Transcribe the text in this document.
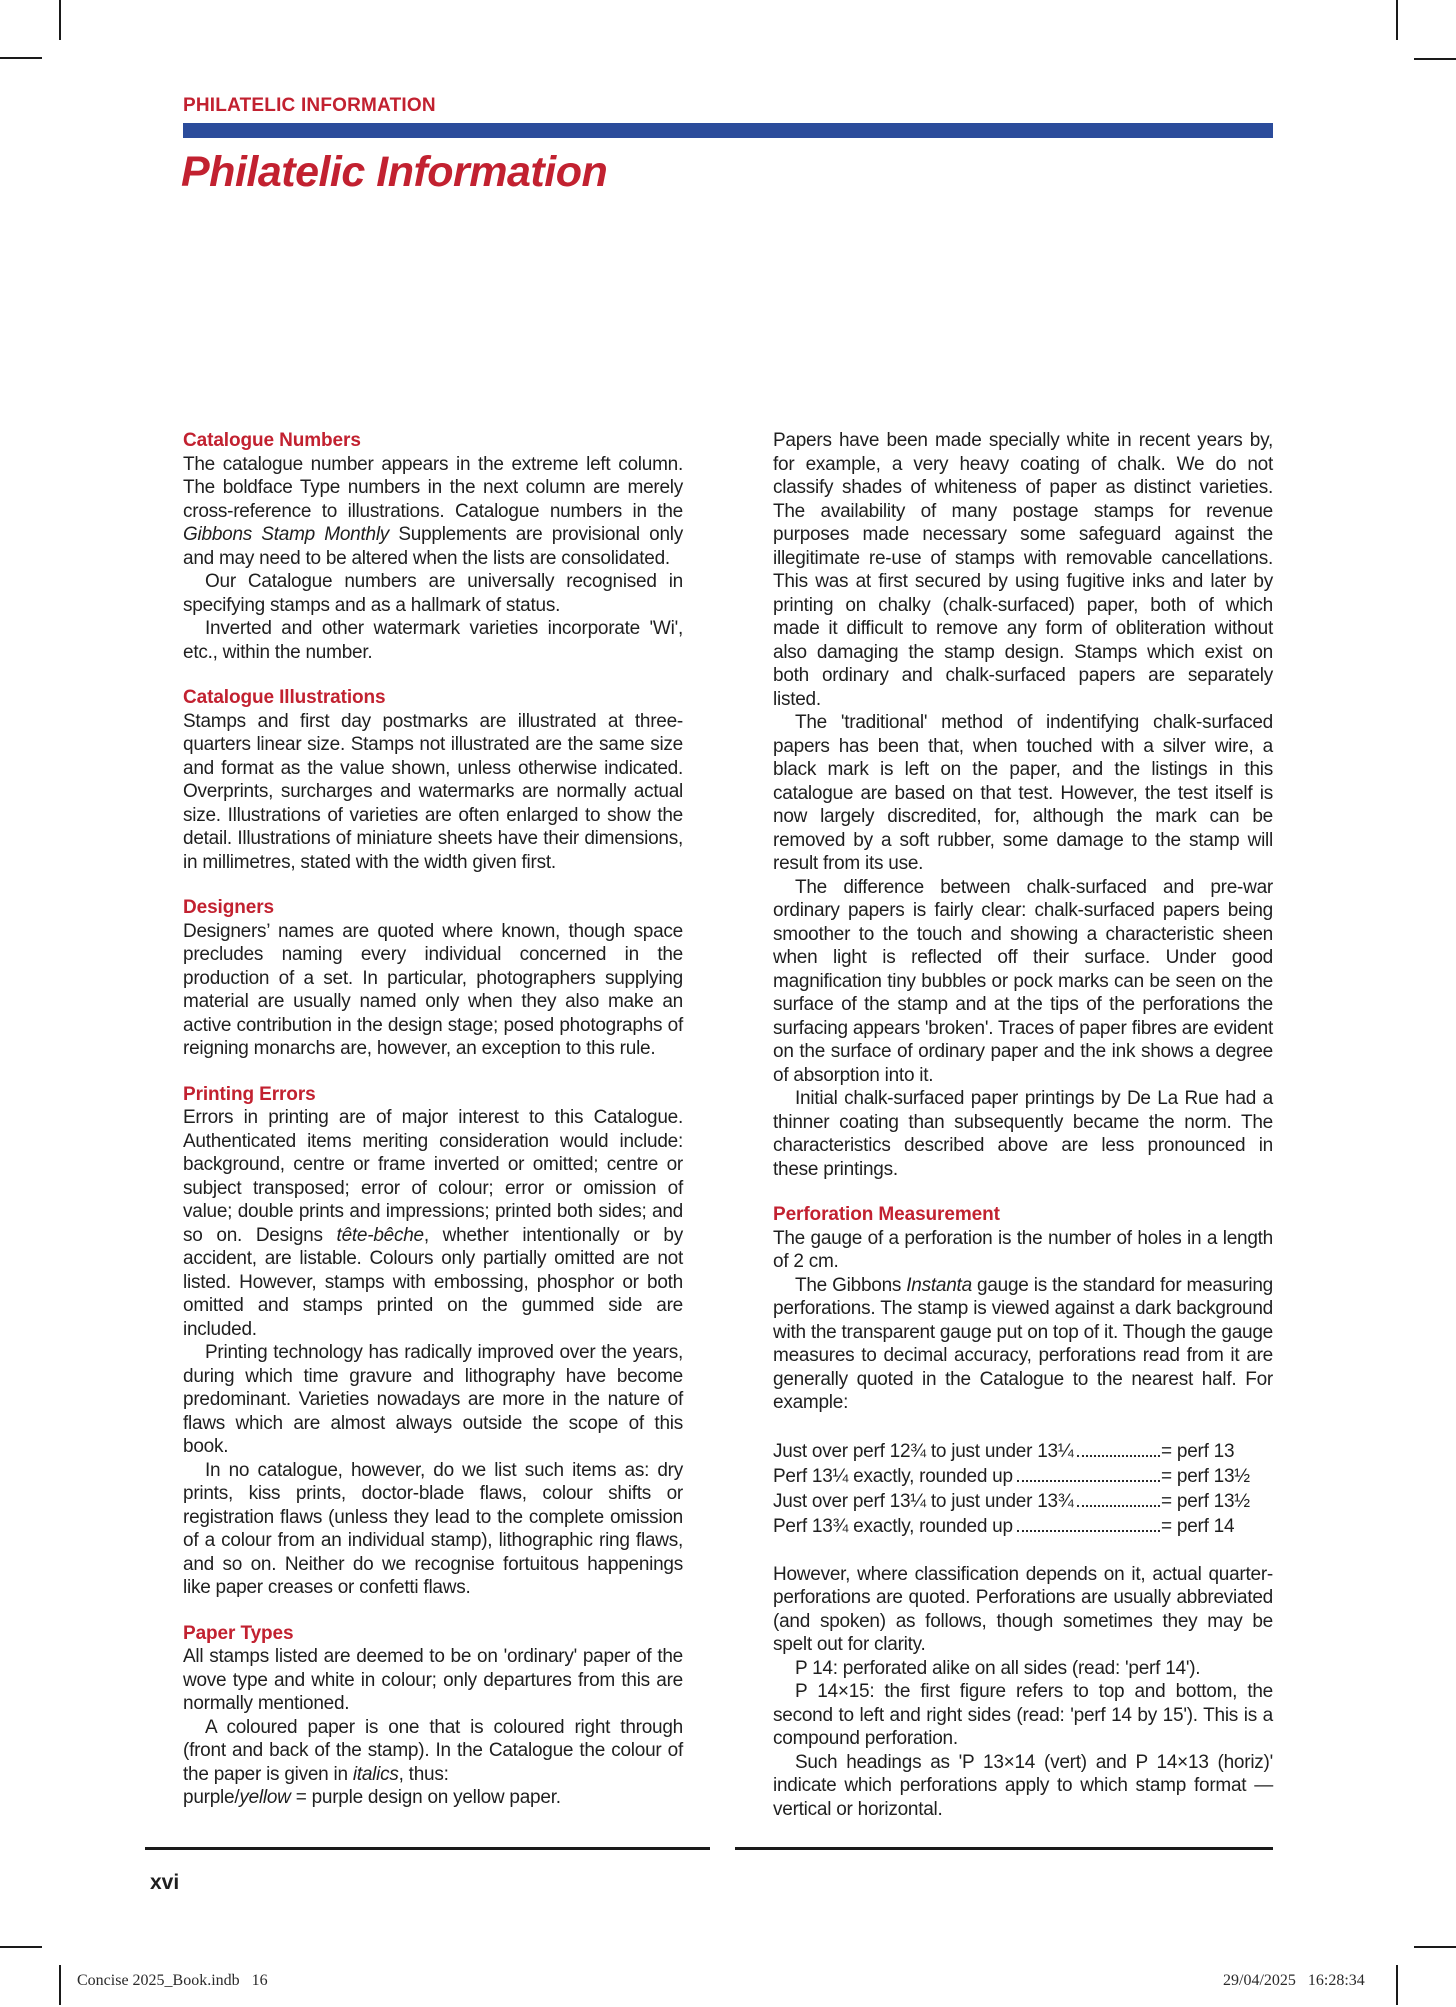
PHILATELIC INFORMATION
Philatelic Information
Catalogue Numbers

The catalogue number appears in the extreme left column. The boldface Type numbers in the next column are merely cross-reference to illustrations. Catalogue numbers in the Gibbons Stamp Monthly Supplements are provisional only and may need to be altered when the lists are consolidated.

Our Catalogue numbers are universally recognised in specifying stamps and as a hallmark of status.

Inverted and other watermark varieties incorporate 'Wi', etc., within the number.

Catalogue Illustrations

Stamps and first day postmarks are illustrated at three-quarters linear size. Stamps not illustrated are the same size and format as the value shown, unless otherwise indicated. Overprints, surcharges and watermarks are normally actual size. Illustrations of varieties are often enlarged to show the detail. Illustrations of miniature sheets have their dimensions, in millimetres, stated with the width given first.

Designers

Designers’ names are quoted where known, though space precludes naming every individual concerned in the production of a set. In particular, photographers supplying material are usually named only when they also make an active contribution in the design stage; posed photographs of reigning monarchs are, however, an exception to this rule.

Printing Errors

Errors in printing are of major interest to this Catalogue. Authenticated items meriting consideration would include: background, centre or frame inverted or omitted; centre or subject transposed; error of colour; error or omission of value; double prints and impressions; printed both sides; and so on. Designs tête-bêche, whether intentionally or by accident, are listable. Colours only partially omitted are not listed. However, stamps with embossing, phosphor or both omitted and stamps printed on the gummed side are included.

Printing technology has radically improved over the years, during which time gravure and lithography have become predominant. Varieties nowadays are more in the nature of flaws which are almost always outside the scope of this book.

In no catalogue, however, do we list such items as: dry prints, kiss prints, doctor-blade flaws, colour shifts or registration flaws (unless they lead to the complete omission of a colour from an individual stamp), lithographic ring flaws, and so on. Neither do we recognise fortuitous happenings like paper creases or confetti flaws.

Paper Types

All stamps listed are deemed to be on 'ordinary' paper of the wove type and white in colour; only departures from this are normally mentioned.

A coloured paper is one that is coloured right through (front and back of the stamp). In the Catalogue the colour of the paper is given in italics, thus:

purple/yellow = purple design on yellow paper.

Papers have been made specially white in recent years by, for example, a very heavy coating of chalk. We do not classify shades of whiteness of paper as distinct varieties. The availability of many postage stamps for revenue purposes made necessary some safeguard against the illegitimate re-use of stamps with removable cancellations. This was at first secured by using fugitive inks and later by printing on chalky (chalk-surfaced) paper, both of which made it difficult to remove any form of obliteration without also damaging the stamp design. Stamps which exist on both ordinary and chalk-surfaced papers are separately listed.

The 'traditional' method of indentifying chalk-surfaced papers has been that, when touched with a silver wire, a black mark is left on the paper, and the listings in this catalogue are based on that test. However, the test itself is now largely discredited, for, although the mark can be removed by a soft rubber, some damage to the stamp will result from its use.

The difference between chalk-surfaced and pre-war ordinary papers is fairly clear: chalk-surfaced papers being smoother to the touch and showing a characteristic sheen when light is reflected off their surface. Under good magnification tiny bubbles or pock marks can be seen on the surface of the stamp and at the tips of the perforations the surfacing appears 'broken'. Traces of paper fibres are evident on the surface of ordinary paper and the ink shows a degree of absorption into it.

Initial chalk-surfaced paper printings by De La Rue had a thinner coating than subsequently became the norm. The characteristics described above are less pronounced in these printings.

Perforation Measurement

The gauge of a perforation is the number of holes in a length of 2 cm.

The Gibbons Instanta gauge is the standard for measuring perforations. The stamp is viewed against a dark background with the transparent gauge put on top of it. Though the gauge measures to decimal accuracy, perforations read from it are generally quoted in the Catalogue to the nearest half. For example:

Just over perf 12¾ to just under 13¼	= perf 13
Perf 13¼ exactly, rounded up	= perf 13½
Just over perf 13¼ to just under 13¾	= perf 13½
Perf 13¾ exactly, rounded up	= perf 14

However, where classification depends on it, actual quarter-perforations are quoted. Perforations are usually abbreviated (and spoken) as follows, though sometimes they may be spelt out for clarity.

P 14: perforated alike on all sides (read: 'perf 14').

P 14×15: the first figure refers to top and bottom, the second to left and right sides (read: 'perf 14 by 15'). This is a compound perforation.

Such headings as 'P 13×14 (vert) and P 14×13 (horiz)' indicate which perforations apply to which stamp format — vertical or horizontal.

xvi
Concise 2025_Book.indb   16	29/04/2025   16:28:34
